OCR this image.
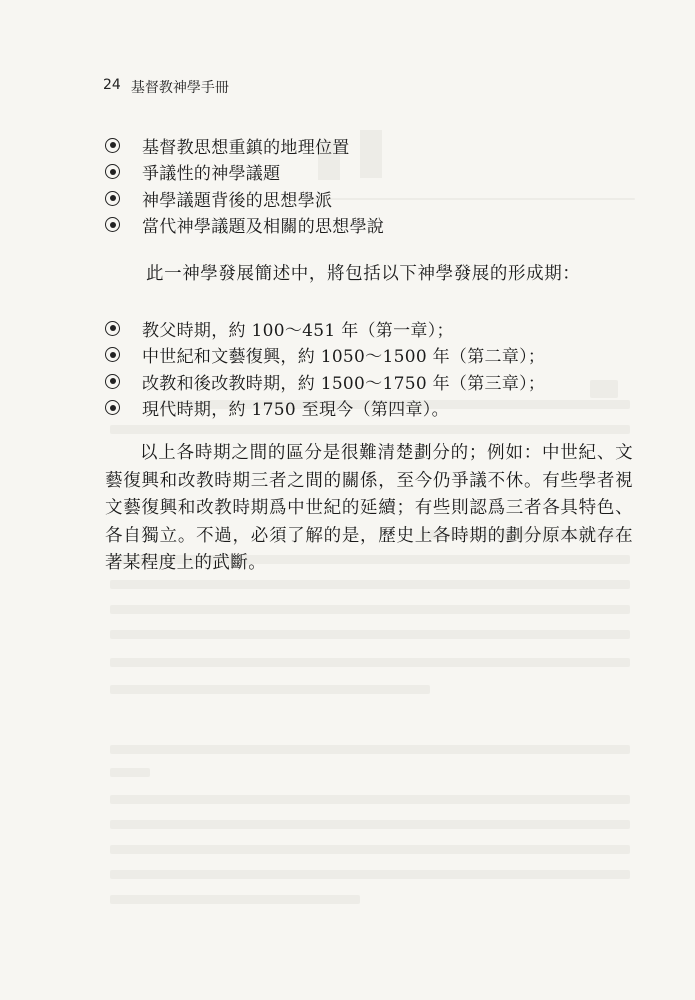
24 基督教神學手冊
基督教思想重鎮的地理位置
爭議性的神學議題
神學議題背後的思想學派
當代神學議題及相關的思想學說
此一神學發展簡述中，將包括以下神學發展的形成期：
教父時期，約 100～451 年（第一章）；
中世紀和文藝復興，約 1050～1500 年（第二章）；
改教和後改教時期，約 1500～1750 年（第三章）；
現代時期，約 1750 至現今（第四章）。

以上各時期之間的區分是很難清楚劃分的；例如：中世紀、文藝復興和改教時期三者之間的關係，至今仍爭議不休。有些學者視文藝復興和改教時期爲中世紀的延續；有些則認爲三者各具特色、各自獨立。不過，必須了解的是，歷史上各時期的劃分原本就存在著某程度上的武斷。
